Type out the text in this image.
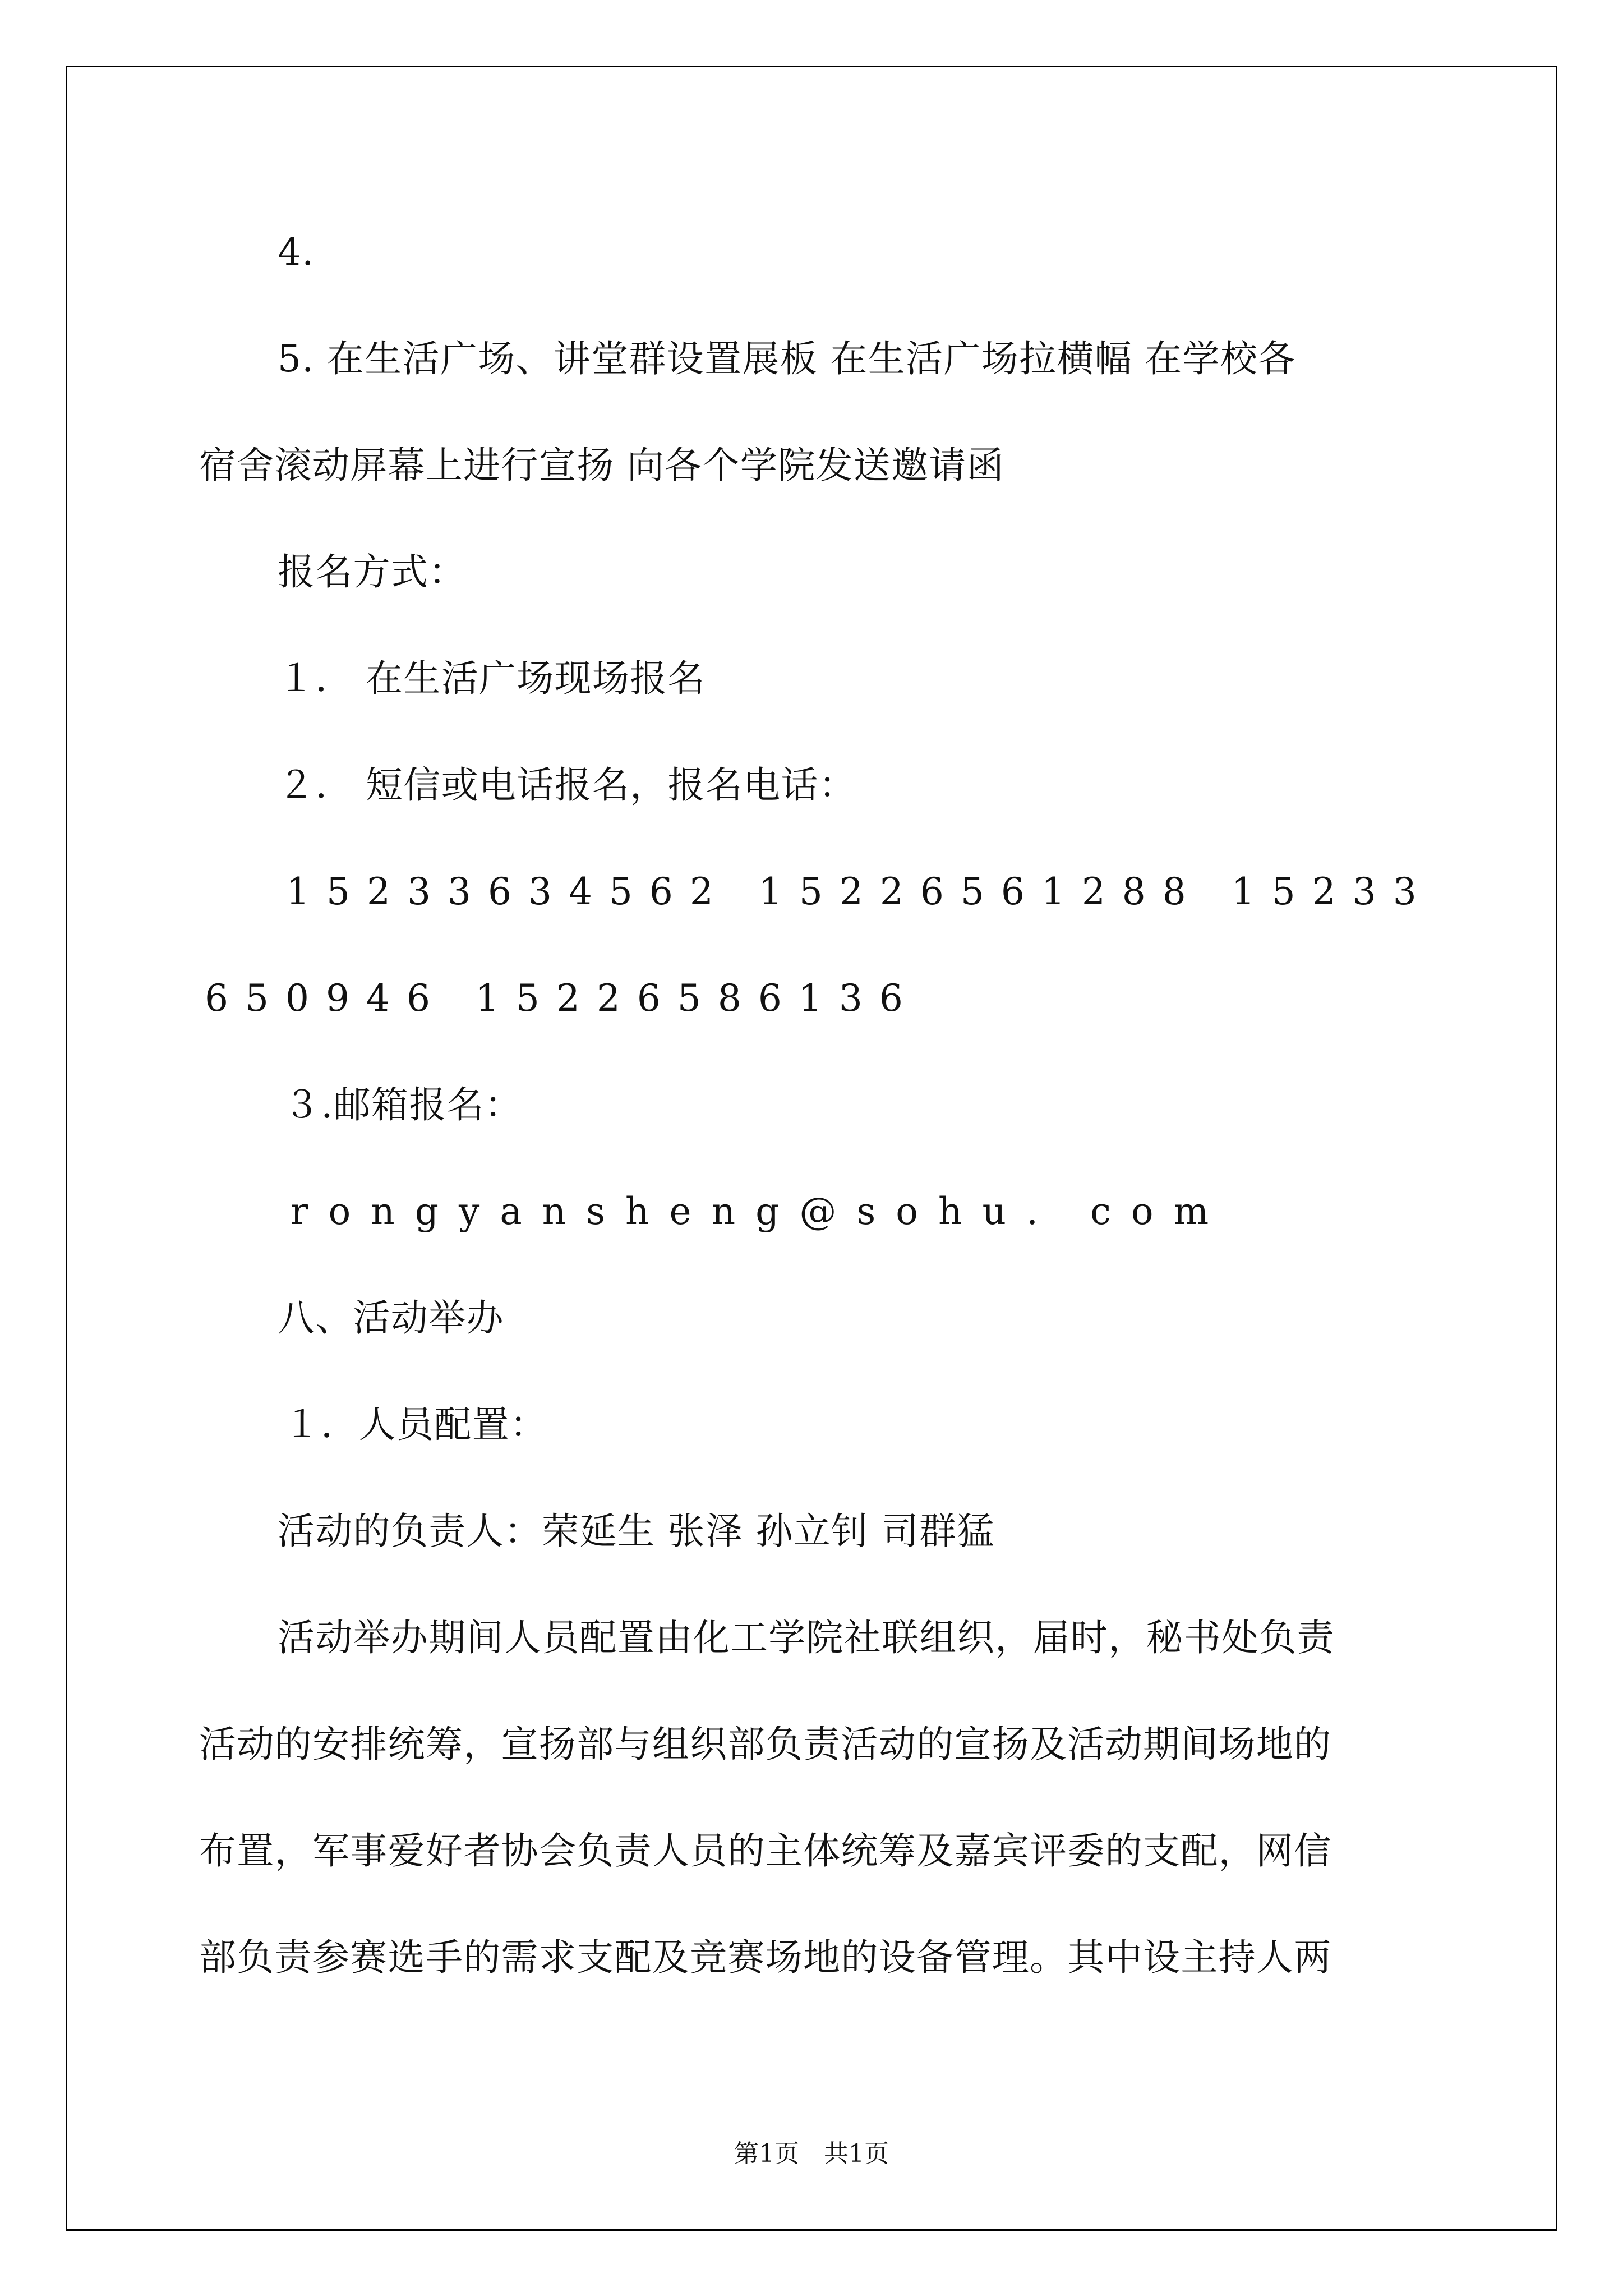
4.
5. 在生活广场、讲堂群设置展板 在生活广场拉横幅 在学校各
宿舍滚动屏幕上进行宣扬 向各个学院发送邀请函
报名方式：
１． 在生活广场现场报名
２． 短信或电话报名，报名电话：
15233634562 15226561288 15233
650946 15226586136
３.邮箱报名：
rongyansheng@sohu. com
八、活动举办
１．人员配置：
活动的负责人：荣延生 张泽 孙立钊 司群猛
活动举办期间人员配置由化工学院社联组织，届时，秘书处负责
活动的安排统筹，宣扬部与组织部负责活动的宣扬及活动期间场地的
布置，军事爱好者协会负责人员的主体统筹及嘉宾评委的支配，网信
部负责参赛选手的需求支配及竞赛场地的设备管理。其中设主持人两
第1页　共1页
